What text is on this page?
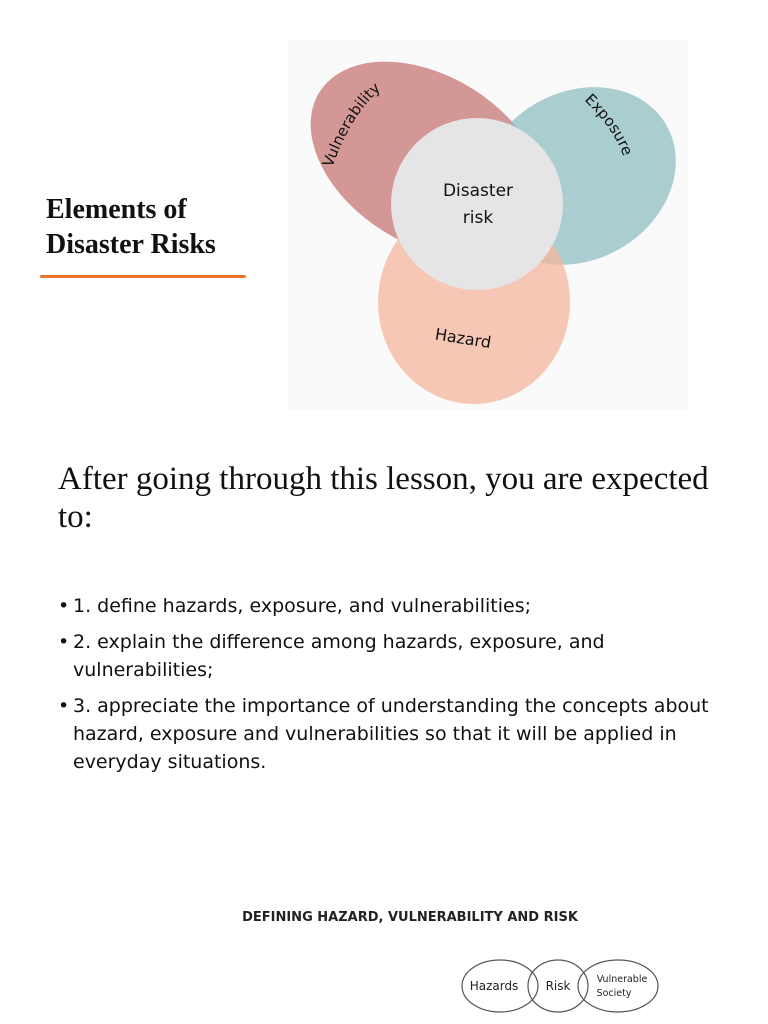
Elements of
Disaster Risks
Vulnerability
Exposure
Hazard
Disaster
risk
After going through this lesson, you are expected to:
• 1. define hazards, exposure, and vulnerabilities;
• 2. explain the difference among hazards, exposure, and vulnerabilities;
• 3. appreciate the importance of understanding the concepts about hazard, exposure and vulnerabilities so that it will be applied in everyday situations.
DEFINING HAZARD, VULNERABILITY AND RISK
Hazards Risk	Vulnerable
Society
